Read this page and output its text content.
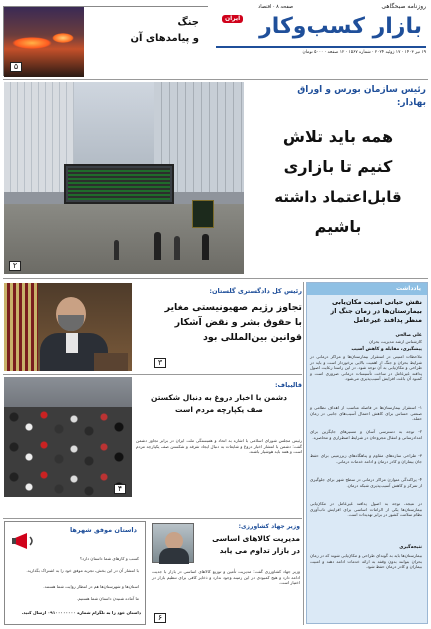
روزنامه صبحگاهی
صفحه ۸ · اقتصاد
بازار کسب‌وکار
ایران
۱۹ تیر ۱۴۰۳ · ۱۷ ژوئیه ۲۰۲۴ · شماره ۱۵۶۷ · ۱۲ صفحه · ۵۰۰۰ تومان
جنگ
و پیامدهای آن
۵
۲
رئیس سازمان بورس و اوراق
بهادار:
همه باید تلاش
کنیم تا بازاری
قابل‌اعتماد داشته
باشیم
یادداشت
نقش حیاتی امنیت مکان‌یابی بیمارستان‌ها در زمان جنگ از منظر پدافند غیرعامل
علی صالحی
کارشناس ارشد مدیریت بحران
پیشگیری، مقابله و کاهش آسیب
ملاحظات امنیتی در استقرار بیمارستان‌ها و مراکز درمانی در شرایط بحران و جنگ از اهمیت بالایی برخوردار است و باید در طراحی و مکان‌یابی به آن توجه شود. در این راستا رعایت اصول پدافند غیرعامل در ساخت تأسیسات درمانی ضروری است و کمبود آن باعث افزایش آسیب‌پذیری می‌شود.
۱- استقرار بیمارستان‌ها در فاصله مناسب از اهداف نظامی و صنعتی حساس برای کاهش احتمال آسیب‌های جانبی در زمان حمله.
۲- توجه به دسترسی آسان و مسیرهای جایگزین برای امدادرسانی و انتقال مجروحان در شرایط اضطراری و محاصره.
۳- طراحی سازه‌های مقاوم و پناهگاه‌های زیرزمینی برای حفظ جان بیماران و کادر درمان و ادامه خدمات درمانی.
۴- پراکندگی متوازن مراکز درمانی در سطح شهر برای جلوگیری از تمرکز و کاهش آسیب‌پذیری شبکه درمان.
در نتیجه، توجه به اصول پدافند غیرعامل در مکان‌یابی بیمارستان‌ها یکی از الزامات اساسی برای افزایش تاب‌آوری نظام سلامت کشور در برابر تهدیدات است.
نتیجه‌گیری
بیمارستان‌ها باید به گونه‌ای طراحی و مکان‌یابی شوند که در زمان بحران بتوانند بدون وقفه به ارائه خدمات ادامه دهند و امنیت بیماران و کادر درمان حفظ شود.
۳
رئیس کل دادگستری گلستان:
تجاوز رژیم صهیونیستی مغایر
با حقوق بشر و نقض آشکار
قوانین بین‌المللی بود
۴
قالیباف:
دشمن با اخبار دروغ به دنبال شکستن
صف یکپارچه مردم است
رئیس مجلس شورای اسلامی با اشاره به اتحاد و همبستگی ملت ایران در برابر تجاوز دشمن گفت: دشمن با انتشار اخبار دروغ و شایعات به دنبال ایجاد تفرقه و شکستن صف یکپارچه مردم است و همه باید هوشیار باشند.
داستان موفق شهرها
کسب و کارهای شما داستان دارد؟
با انتشار آن در این بخش، تجربه موفق خود را به اشتراک بگذارید.
استان‌ها و شهرستان‌ها هم در انتظار روایت شما هستند.
ما آماده شنیدن داستان شما هستیم.
داستان خود را به تلگرام شماره ۰۹۱۰۰۰۰۰۰۰۰ ارسال کنید.
وزیر جهاد کشاورزی:
مدیریت کالاهای اساسی
در بازار تداوم می یابد
وزیر جهاد کشاورزی گفت: مدیریت تأمین و توزیع کالاهای اساسی در بازار با جدیت ادامه دارد و هیچ کمبودی در این زمینه وجود ندارد و ذخایر کافی برای تنظیم بازار در اختیار است.
۶
